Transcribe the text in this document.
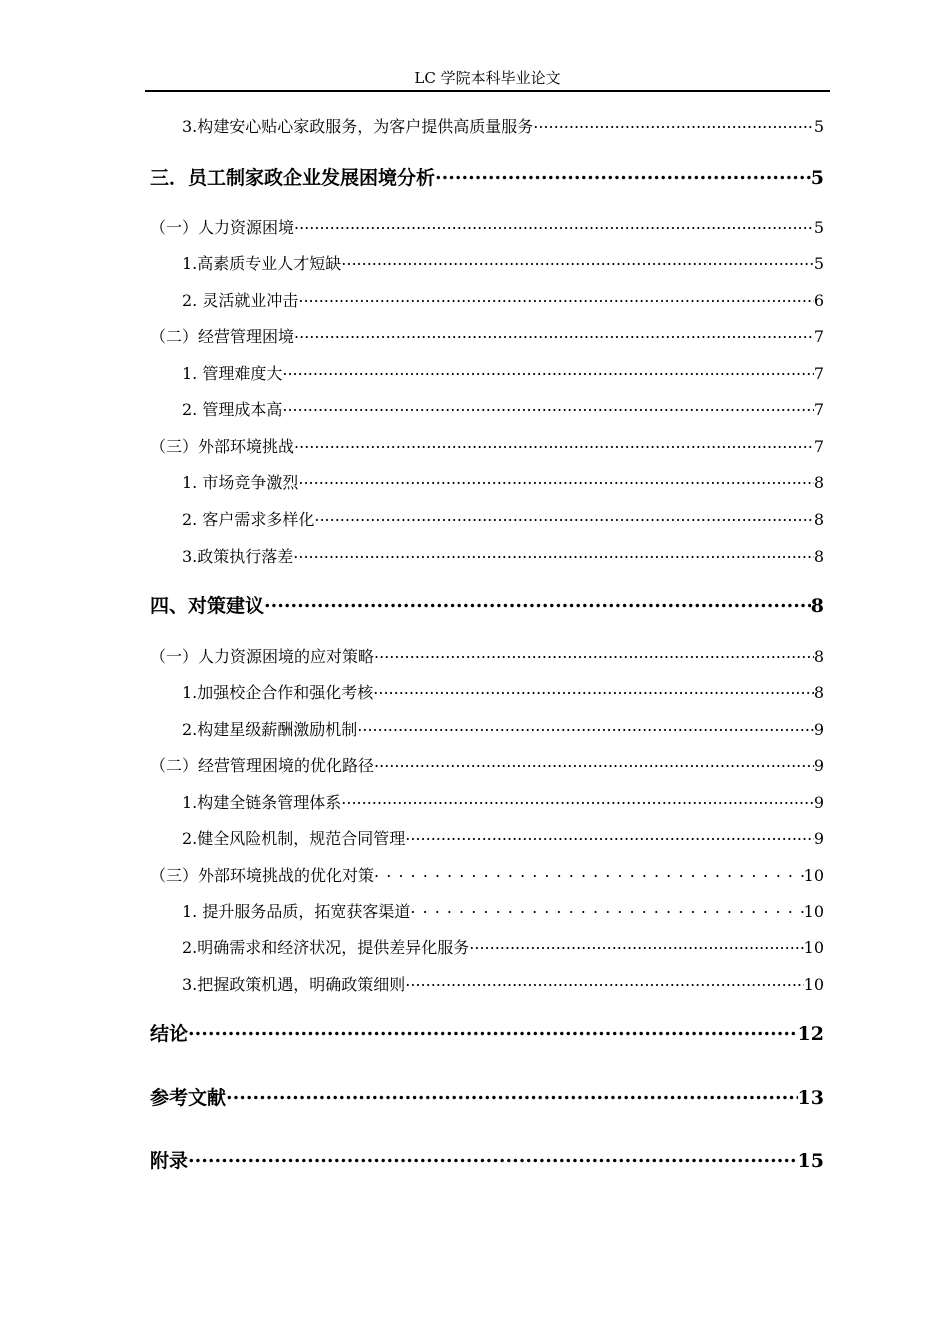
LC 学院本科毕业论文
3.构建安心贴心家政服务，为客户提供高质量服务 .....	5
三．员工制家政企业发展困境分析 .....	5
（一）人力资源困境 .....	5
1.高素质专业人才短缺 .....	5
2. 灵活就业冲击 .....	6
（二）经营管理困境 .....	7
1. 管理难度大 .....	7
2. 管理成本高 .....	7
（三）外部环境挑战 .....	7
1. 市场竞争激烈 .....	8
2. 客户需求多样化 .....	8
3.政策执行落差 .....	8
四、对策建议 .....	8
（一）人力资源困境的应对策略 .....	8
1.加强校企合作和强化考核 .....	8
2.构建星级薪酬激励机制 .....	9
（二）经营管理困境的优化路径 .....	9
1.构建全链条管理体系 .....	9
2.健全风险机制，规范合同管理 .....	9
（三）外部环境挑战的优化对策 . . .	10
1. 提升服务品质，拓宽获客渠道 . . .	10
2.明确需求和经济状况，提供差异化服务 .....	10
3.把握政策机遇，明确政策细则 .....	10
结论 .....	12
参考文献 .....	13
附录 .....	15
